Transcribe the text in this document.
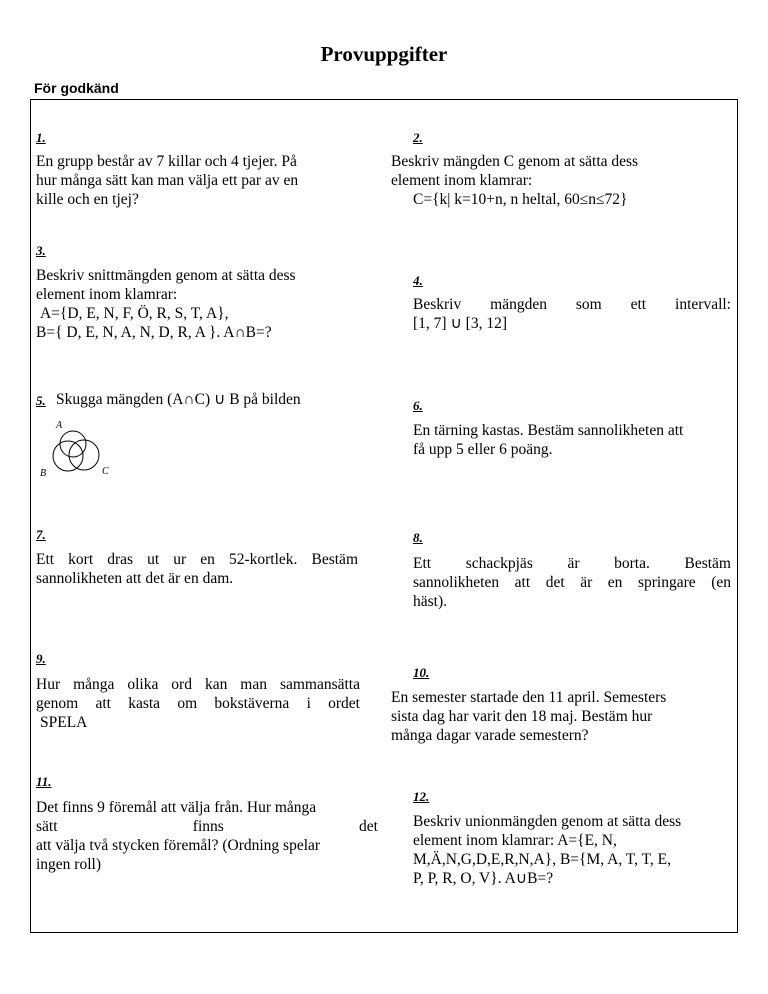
Provuppgifter
För godkänd
1.
En grupp består av 7 killar och 4 tjejer. På
hur många sätt kan man välja ett par av en
kille och en tjej?
2.
Beskriv mängden C genom at sätta dess
element inom klamrar:
C={k| k=10+n, n heltal, 60≤n≤72}
3.
Beskriv snittmängden genom at sätta dess
element inom klamrar:
A={D, E, N, F, Ö, R, S, T, A},
B={ D, E, N, A, N, D, R, A }. A∩B=?
4.
Beskriv mängden som ett intervall:
[1, 7] ∪ [3, 12]
5. Skugga mängden (A∩C) ∪ B på bilden
A
B	C
6.
En tärning kastas. Bestäm sannolikheten att
få upp 5 eller 6 poäng.
7.
Ett kort dras ut ur en 52-kortlek. Bestäm
sannolikheten att det är en dam.
8.
Ett schackpjäs är borta. Bestäm
sannolikheten att det är en springare (en
häst).
9.
Hur många olika ord kan man sammansätta
genom att kasta om bokstäverna i ordet
SPELA
10.
En semester startade den 11 april. Semesters
sista dag har varit den 18 maj. Bestäm hur
många dagar varade semestern?
11.
Det finns 9 föremål att välja från. Hur många
sätt finns det
att välja två stycken föremål? (Ordning spelar
ingen roll)
12.
Beskriv unionmängden genom at sätta dess
element inom klamrar: A={E, N,
M,Ä,N,G,D,E,R,N,A}, B={M, A, T, T, E,
P, P, R, O, V}. A∪B=?
